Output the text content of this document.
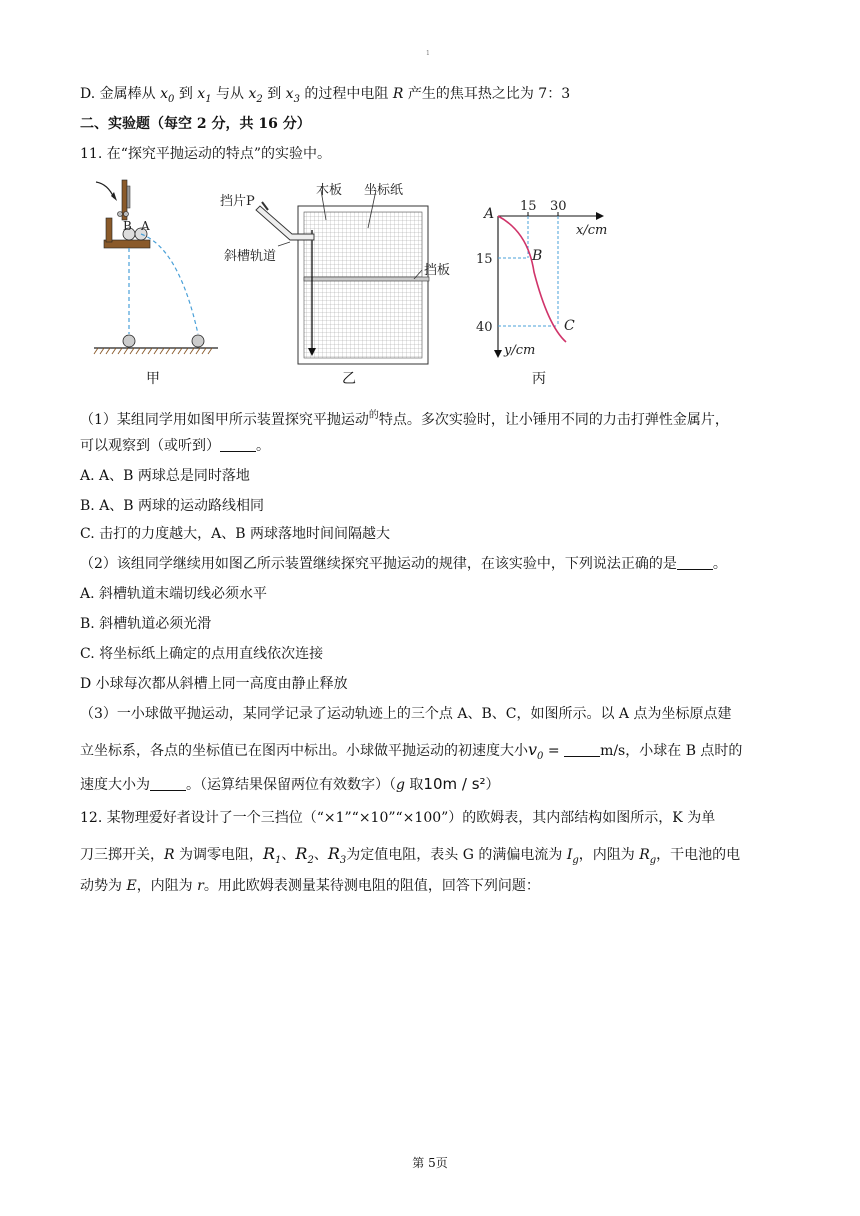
1
D. 金属棒从 $x_0$ 到 $x_1$ 与从 $x_2$ 到 $x_3$ 的过程中电阻 R 产生的焦耳热之比为 7：3
二、实验题（每空 2 分，共 16 分）
11. 在“探究平抛运动的特点”的实验中。
B A
甲
挡片P
木板 坐标纸
斜槽轨道
挡板
乙
A 15 30
x/cm
15
40
y/cm
B
C
丙
（1）某组同学用如图甲所示装置探究平抛运动$^的$特点。多次实验时，让小锤用不同的力击打弹性金属片，
可以观察到（或听到）	。
A. A、B 两球总是同时落地
B. A、B 两球的运动路线相同
C. 击打的力度越大，A、B 两球落地时间间隔越大
（2）该组同学继续用如图乙所示装置继续探究平抛运动的规律，在该实验中，下列说法正确的是	。
A. 斜槽轨道末端切线必须水平
B. 斜槽轨道必须光滑
C. 将坐标纸上确定的点用直线依次连接
D 小球每次都从斜槽上同一高度由静止释放
（3）一小球做平抛运动，某同学记录了运动轨迹上的三个点 A、B、C，如图所示。以 A 点为坐标原点建
立坐标系，各点的坐标值已在图丙中标出。小球做平抛运动的初速度大小$v_0$ =	m/s，小球在 B 点时的
速度大小为	。（运算结果保留两位有效数字）（g 取10m / s²）
12. 某物理爱好者设计了一个三挡位（“×1”“×10”“×100”）的欧姆表，其内部结构如图所示，K 为单
刀三掷开关，R 为调零电阻，$R_1$、$R_2$、$R_3$为定值电阻，表头 G 的满偏电流为 $I_g$，内阻为 $R_g$，干电池的电
动势为 E，内阻为 r。用此欧姆表测量某待测电阻的阻值，回答下列问题：
第 5页
